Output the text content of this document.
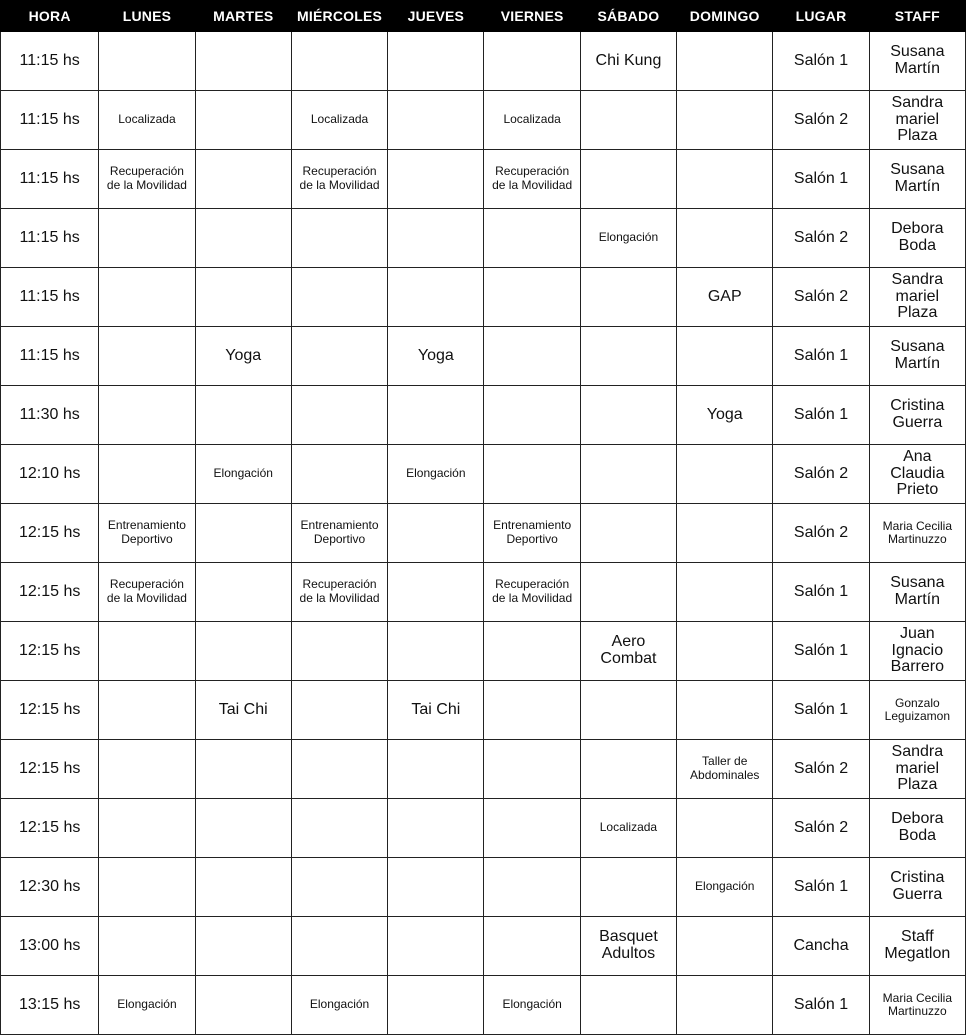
HORA	LUNES	MARTES	MIÉRCOLES	JUEVES	VIERNES	SÁBADO	DOMINGO	LUGAR	STAFF
11:15 hs						Chi Kung		Salón 1	Susana
Martín
11:15 hs	Localizada		Localizada		Localizada			Salón 2	Sandra
mariel
Plaza
11:15 hs	Recuperación
de la Movilidad		Recuperación
de la Movilidad		Recuperación
de la Movilidad			Salón 1	Susana
Martín
11:15 hs						Elongación		Salón 2	Debora
Boda
11:15 hs							GAP	Salón 2	Sandra
mariel
Plaza
11:15 hs		Yoga		Yoga				Salón 1	Susana
Martín
11:30 hs							Yoga	Salón 1	Cristina
Guerra
12:10 hs		Elongación		Elongación				Salón 2	Ana
Claudia
Prieto
12:15 hs	Entrenamiento
Deportivo		Entrenamiento
Deportivo		Entrenamiento
Deportivo			Salón 2	Maria Cecilia
Martinuzzo
12:15 hs	Recuperación
de la Movilidad		Recuperación
de la Movilidad		Recuperación
de la Movilidad			Salón 1	Susana
Martín
12:15 hs						Aero
Combat		Salón 1	Juan
Ignacio
Barrero
12:15 hs		Tai Chi		Tai Chi				Salón 1	Gonzalo
Leguizamon
12:15 hs							Taller de
Abdominales	Salón 2	Sandra
mariel
Plaza
12:15 hs						Localizada		Salón 2	Debora
Boda
12:30 hs							Elongación	Salón 1	Cristina
Guerra
13:00 hs						Basquet
Adultos		Cancha	Staff
Megatlon
13:15 hs	Elongación		Elongación		Elongación			Salón 1	Maria Cecilia
Martinuzzo
